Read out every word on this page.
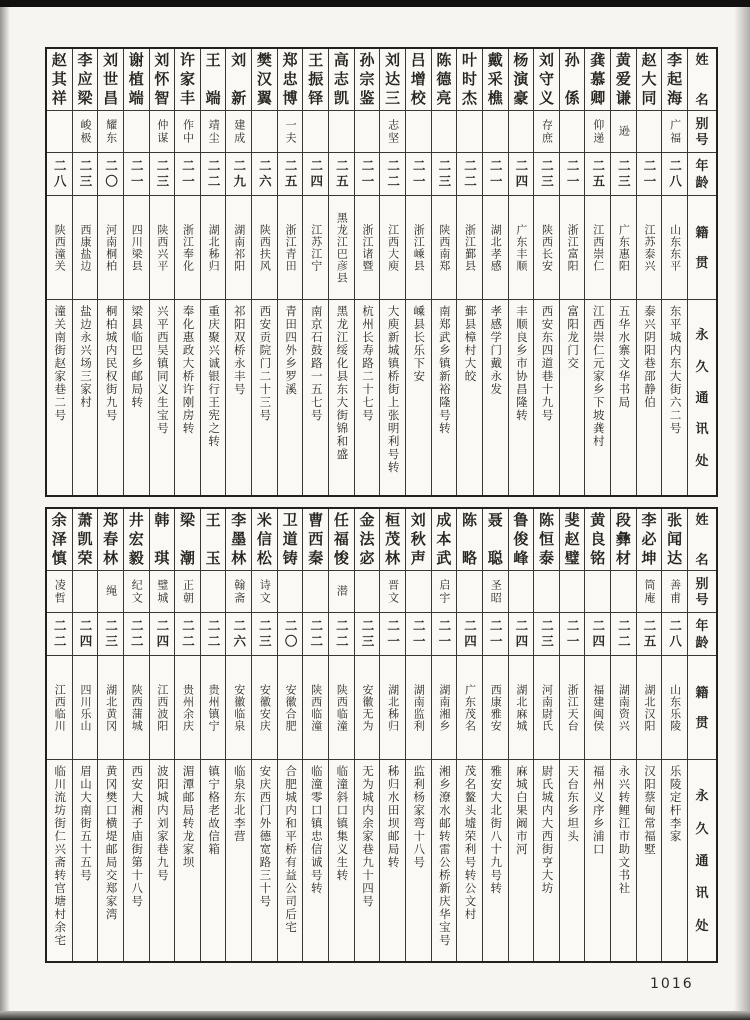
姓
名
别
号
年
龄
籍
贯
永
久
通
讯
处
李
起
海
广福
二八
山东东平
东平城内东大街六二号
赵
大
同
二一
江苏泰兴
泰兴阴阳巷邵静伯
黄
爱
谦
逊
二三
广东惠阳
五华水寨文华书局
龚
慕
卿
仰递
二五
江西崇仁
江西崇仁元家乡下坡龚村
孙
係
二一
浙江富阳
富阳龙门交
刘
守
义
存庶
二三
陕西长安
西安东四道巷十九号
杨
演
豪
二四
广东丰顺
丰顺良乡市协昌隆转
戴
采
樵
二一
湖北孝感
孝感学门戴永发
叶
时
杰
二二
浙江鄞县
鄞县樟村大皎
陈
德
亮
二三
陕西南郑
南郑武乡镇新裕隆号转
吕
增
校
二一
浙江嵊县
嵊县长乐下安
刘
达
三
志坚
二二
江西大庾
大庾新城镇桥街上张明利号转
孙
宗
鉴
二一
浙江诸暨
杭州长寿路二十七号
高
志
凯
二五
黑龙江巴彦县
黑龙江绥化县东大街锦和盛
王
振
铎
二四
江苏江宁
南京石鼓路一五七号
郑
忠
博
一夫
二五
浙江青田
青田四外乡罗溪
樊
汉
翼
二六
陕西扶风
西安贡院门二十三号
刘
新
建成
二九
湖南祁阳
祁阳双桥永丰号
王
端
靖尘
二二
湖北秭归
重庆聚兴诚银行王宪之转
许
家
丰
作中
二一
浙江奉化
奉化惠政大桥许刚房转
刘
怀
智
仲谋
二三
陕西兴平
兴平西吴镇同义生宝号
谢
植
端
二一
四川梁县
梁县临巴乡邮局转
刘
世
昌
耀东
二〇
河南桐柏
桐柏城内民权街九号
李
应
梁
峻极
二三
西康盐边
盐边永兴场三家村
赵
其
祥
二八
陕西潼关
潼关南街赵家巷二号
姓
名
别
号
年
龄
籍
贯
永
久
通
讯
处
张
闻
达
善甫
二八
山东乐陵
乐陵定杆李家
李
必
坤
筒庵
二五
湖北汉阳
汉阳蔡甸常福墅
段
彝
材
二二
湖南资兴
永兴转鲤江市助文书社
黄
良
铭
二四
福建闽侯
福州义序乡浦口
斐
赵
璧
二一
浙江天台
天台东乡坦头
陈
恒
泰
二三
河南尉氏
尉氏城内大西街亨大坊
鲁
俊
峰
二四
湖北麻城
麻城白果阚市河
聂
聪
圣昭
二一
西康雅安
雅安大北街八十九号转
陈
略
二四
广东茂名
茂名鳌头墟荣利号转公文村
成
本
武
启宇
二一
湖南湘乡
湘乡潦水邮转雷公桥新庆华宝号
刘
秋
声
二一
湖南监利
监利杨家弯十八号
桓
茂
林
晋文
二一
湖北秭归
秭归水田坝邮局转
金
法
宓
二三
安徽无为
无为城内余家巷九十四号
任
福
悛
潜
二二
陕西临潼
临潼斜口镇集义生转
曹
西
秦
二二
陕西临潼
临潼零口镇忠信诚号转
卫
道
铸
二〇
安徽合肥
合肥城内和平桥有益公司后宅
米
信
松
诗文
二三
安徽安庆
安庆西门外德宽路三十号
李
墨
林
翰斋
二六
安徽临泉
临泉东北李营
王
玉
二二
贵州镇宁
镇宁格老故信箱
梁
潮
正朝
二二
贵州余庆
湄潭邮局转龙家坝
韩
琪
璧城
二四
江西波阳
波阳城内刘家巷九号
井
宏
毅
纪文
二二
陕西蒲城
西安大湘子庙街第十八号
郑
春
林
绳
二三
湖北黄冈
黄冈樊口横堤邮局交郑家湾
萧
凯
荣
二四
四川乐山
眉山大南街五十五号
余
泽
慎
凌哲
二二
江西临川
临川流坊街仁兴斋转官塘村余宅
1016
